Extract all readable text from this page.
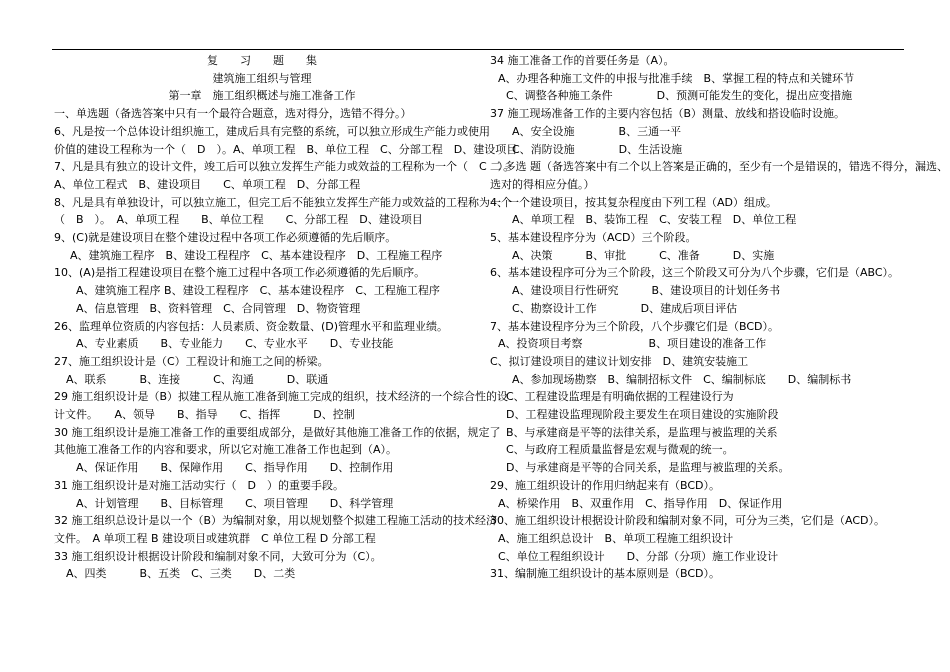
复习题集

建筑施工组织与管理

第一章　施工组织概述与施工准备工作

一、单选题（备选答案中只有一个最符合题意，选对得分，选错不得分。）

6、凡是按一个总体设计组织施工，建成后具有完整的系统，可以独立形成生产能力或使用

价值的建设工程称为一个（　D　）。A、单项工程　B、单位工程　C、分部工程　D、建设项目

7、凡是具有独立的设计文件，竣工后可以独立发挥生产能力或效益的工程称为一个（　C　）。

A、单位工程式　B、建设项目　　C、单项工程　D、分部工程

8、凡是具有单独设计，可以独立施工，但完工后不能独立发挥生产能力或效益的工程称为一个

（　B　）。　A、单项工程　　B、单位工程　　C、分部工程　D、建设项目

9、(C)就是建设项目在整个建设过程中各项工作必须遵循的先后顺序。

A、建筑施工程序　B、建设工程程序　C、基本建设程序　D、工程施工程序

10、(A)是指工程建设项目在整个施工过程中各项工作必须遵循的先后顺序。

A、建筑施工程序 B、建设工程程序　C、基本建设程序　C、工程施工程序

A、信息管理　B、资料管理　C、合同管理　D、物资管理

26、监理单位资质的内容包括：人员素质、资金数量、(D)管理水平和监理业绩。

A、专业素质　　B、专业能力　　C、专业水平　　D、专业技能

27、施工组织设计是（C）工程设计和施工之间的桥梁。

A、联系　　　B、连接　　　C、沟通　　　D、联通

29 施工组织设计是（B）拟建工程从施工准备到施工完成的组织，技术经济的一个综合性的设

计文件。　　A、领导　　B、指导　　C、指挥　　　D、控制

30 施工组织设计是施工准备工作的重要组成部分，是做好其他施工准备工作的依据，规定了

其他施工准备工作的内容和要求，所以它对施工准备工作也起到（A）。

A、保证作用　　B、保障作用　　C、指导作用　　D、控制作用

31 施工组织设计是对施工活动实行（　D　）的重要手段。

A、计划管理　　B、目标管理　　C、项目管理　　D、科学管理

32 施工组织总设计是以一个（B）为编制对象，用以规划整个拟建工程施工活动的技术经济

文件。　A 单项工程 B 建设项目或建筑群　C 单位工程 D 分部工程

33 施工组织设计根据设计阶段和编制对象不同，大致可分为（C）。

A、四类　　　B、五类　C、三类　　D、二类

34 施工准备工作的首要任务是（A）。

A、办理各种施工文件的申报与批准手续　B、掌握工程的特点和关键环节

C、调整各种施工条件　　　　D、预测可能发生的变化，提出应变措施

37 施工现场准备工作的主要内容包括（B）测量、放线和搭设临时设施。

A、安全设施　　　　B、三通一平

C、消防设施　　　　D、生活设施

二 多选 题（备选答案中有二个以上答案是正确的，至少有一个是错误的，错选不得分，漏选、

选对的得相应分值。）

4、一个建设项目，按其复杂程度由下列工程（AD）组成。

A、单项工程　B、装饰工程　C、安装工程　D、单位工程

5、基本建设程序分为（ACD）三个阶段。

A、决策　　　B、审批　　　C、准备　　　D、实施

6、基本建设程序可分为三个阶段，这三个阶段又可分为八个步骤，它们是（ABC）。

A、建设项目行性研究　　　B、建设项目的计划任务书

C、勘察设计工作　　　　D、建成后项目评估

7、基本建设程序分为三个阶段，八个步骤它们是（BCD）。

A、投资项目考察　　　　　　B、项目建设的准备工作

C、拟订建设项目的建议计划安排　D、建筑安装施工

A、参加现场勘察　B、编制招标文件　C、编制标底　　D、编制标书

C、工程建设监理是有明确依据的工程建设行为

D、工程建设监理现阶段主要发生在项目建设的实施阶段

B、与承建商是平等的法律关系，是监理与被监理的关系

C、与政府工程质量监督是宏观与微观的统一。

D、与承建商是平等的合同关系，是监理与被监理的关系。

29、施工组织设计的作用归纳起来有（BCD）。

A、桥梁作用　B、双重作用　C、指导作用　D、保证作用

30、施工组织设计根据设计阶段和编制对象不同，可分为三类，它们是（ACD）。

A、施工组织总设计　B、单项工程施工组织设计

C、单位工程组织设计　　D、分部（分项）施工作业设计

31、编制施工组织设计的基本原则是（BCD）。
